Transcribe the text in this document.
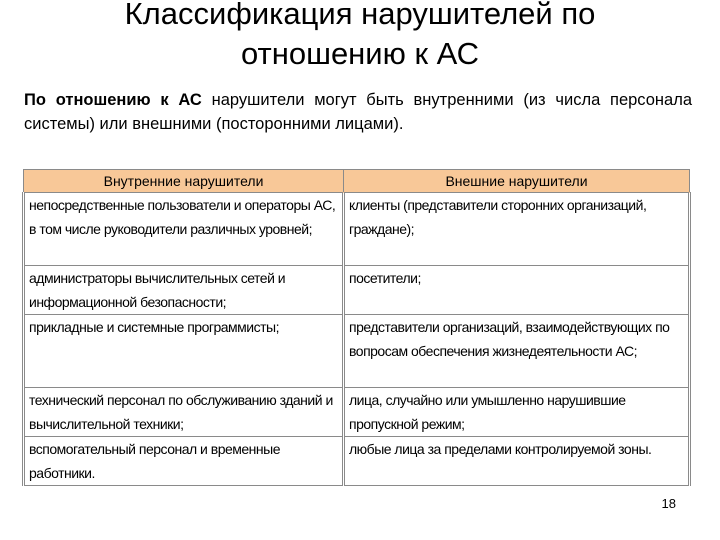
Классификация нарушителей по
отношению к АС

По отношению к АС нарушители могут быть внутренними (из числа персонала системы) или внешними (посторонними лицами).

Внутренние нарушители	Внешние нарушители
непосредственные пользователи и операторы АС, в том числе руководители различных уровней;	клиенты (представители сторонних организаций, граждане);
администраторы вычислительных сетей и информационной безопасности;	посетители;
прикладные и системные программисты;	представители организаций, взаимодействующих по вопросам обеспечения жизнедеятельности АС;
технический персонал по обслуживанию зданий и вычислительной техники;	лица, случайно или умышленно нарушившие пропускной режим;
вспомогательный персонал и временные работники.	любые лица за пределами контролируемой зоны.
18
